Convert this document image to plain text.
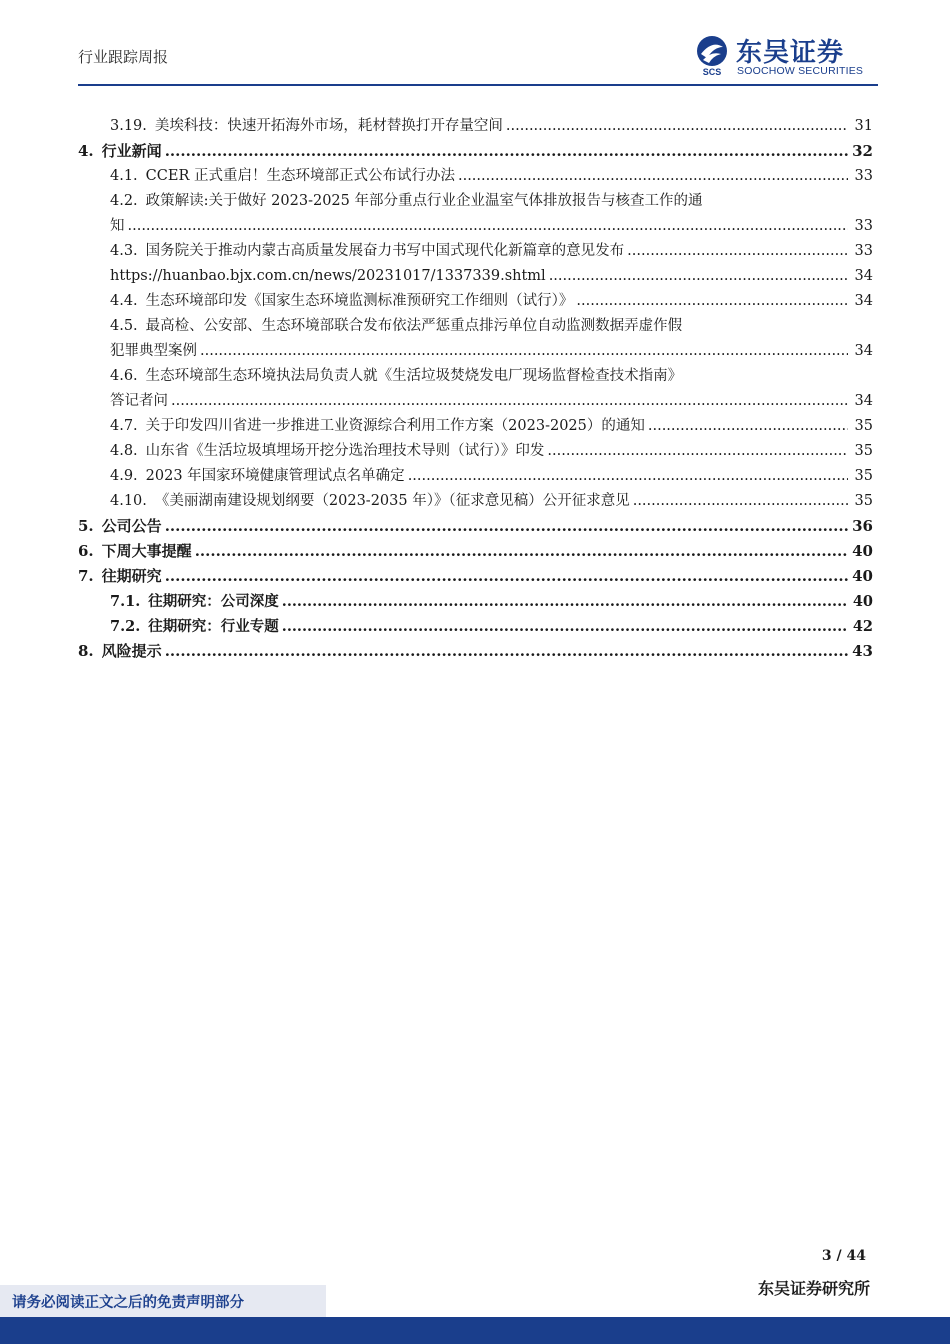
行业跟踪周报
SCS
东吴证券
SOOCHOW SECURITIES
3.19. 美埃科技：快速开拓海外市场，耗材替换打开存量空间 .....	31
4. 行业新闻 .....	32
4.1. CCER 正式重启！生态环境部正式公布试行办法 .....	33
4.2. 政策解读:关于做好 2023-2025 年部分重点行业企业温室气体排放报告与核查工作的通
知 .....	33
4.3. 国务院关于推动内蒙古高质量发展奋力书写中国式现代化新篇章的意见发布 .....	33
https://huanbao.bjx.com.cn/news/20231017/1337339.shtml .....	34
4.4. 生态环境部印发《国家生态环境监测标准预研究工作细则（试行）》 .....	34
4.5. 最高检、公安部、生态环境部联合发布依法严惩重点排污单位自动监测数据弄虚作假
犯罪典型案例 .....	34
4.6. 生态环境部生态环境执法局负责人就《生活垃圾焚烧发电厂现场监督检查技术指南》
答记者问 .....	34
4.7. 关于印发四川省进一步推进工业资源综合利用工作方案（2023-2025）的通知 .....	35
4.8. 山东省《生活垃圾填埋场开挖分选治理技术导则（试行）》印发 .....	35
4.9. 2023 年国家环境健康管理试点名单确定 .....	35
4.10. 《美丽湖南建设规划纲要（2023-2035 年）》（征求意见稿）公开征求意见 .....	35
5. 公司公告 .....	36
6. 下周大事提醒 .....	40
7. 往期研究 .....	40
7.1. 往期研究：公司深度 .....	40
7.2. 往期研究：行业专题 .....	42
8. 风险提示 .....	43
3 / 44
请务必阅读正文之后的免责声明部分
东吴证券研究所
